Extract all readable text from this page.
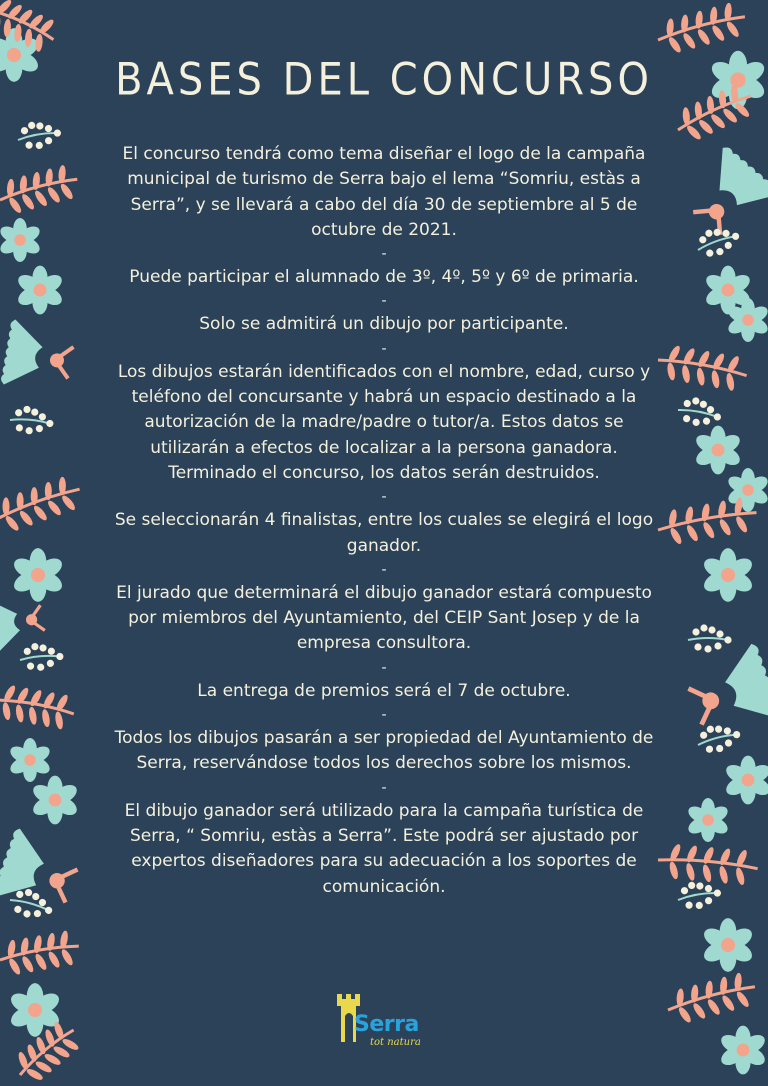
BASES DEL CONCURSO

El concurso tendrá como tema diseñar el logo de la campaña municipal de turismo de Serra bajo el lema “Somriu, estàs a Serra”, y se llevará a cabo del día 30 de septiembre al 5 de octubre de 2021.

-

Puede participar el alumnado de 3º, 4º, 5º y 6º de primaria.

-

Solo se admitirá un dibujo por participante.

-

Los dibujos estarán identificados con el nombre, edad, curso y teléfono del concursante y habrá un espacio destinado a la autorización de la madre/padre o tutor/a. Estos datos se utilizarán a efectos de localizar a la persona ganadora. Terminado el concurso, los datos serán destruidos.

-

Se seleccionarán 4 finalistas, entre los cuales se elegirá el logo ganador.

-

El jurado que determinará el dibujo ganador estará compuesto por miembros del Ayuntamiento, del CEIP Sant Josep y de la empresa consultora.

-

La entrega de premios será el 7 de octubre.

-

Todos los dibujos pasarán a ser propiedad del Ayuntamiento de Serra, reservándose todos los derechos sobre los mismos.

-

El dibujo ganador será utilizado para la campaña turística de Serra, “ Somriu, estàs a Serra”. Este podrá ser ajustado por expertos diseñadores para su adecuación a los soportes de comunicación.

Serra
tot natura
